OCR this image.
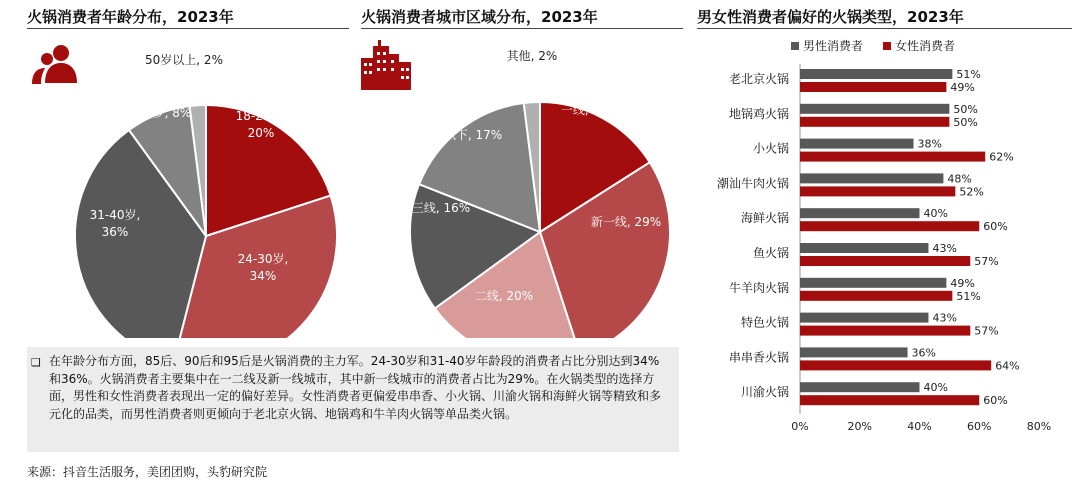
火锅消费者年龄分布，2023年	火锅消费者城市区域分布，2023年	男女性消费者偏好的火锅类型，2023年
18-23岁, 20%
24-30岁, 34%
31-40岁, 36%
41-50 岁, 8%
50岁以上, 2%
一线, 16%
新一线, 29%
二线, 20%
三线, 16%
三线以下, 17%
其他, 2%
男性消费者	女性消费者
老北京火锅
地锅鸡火锅
小火锅
潮汕牛肉火锅
海鲜火锅
鱼火锅
牛羊肉火锅
特色火锅
串串香火锅
川渝火锅
51%
49%
50%
50%
38%
62%
48%
52%
40%
60%
43%
57%
49%
51%
43%
57%
36%
64%
40%
60%
0%	20%	40%	60%	80%
❑ 在年龄分布方面，85后、90后和95后是火锅消费的主力军。24-30岁和31-40岁年龄段的消费者占比分别达到34%和36%。火锅消费者主要集中在一二线及新一线城市，其中新一线城市的消费者占比为29%。在火锅类型的选择方面，男性和女性消费者表现出一定的偏好差异。女性消费者更偏爱串串香、小火锅、川渝火锅和海鲜火锅等精致和多元化的品类，而男性消费者则更倾向于老北京火锅、地锅鸡和牛羊肉火锅等单品类火锅。
来源：抖音生活服务，美团团购，头豹研究院
